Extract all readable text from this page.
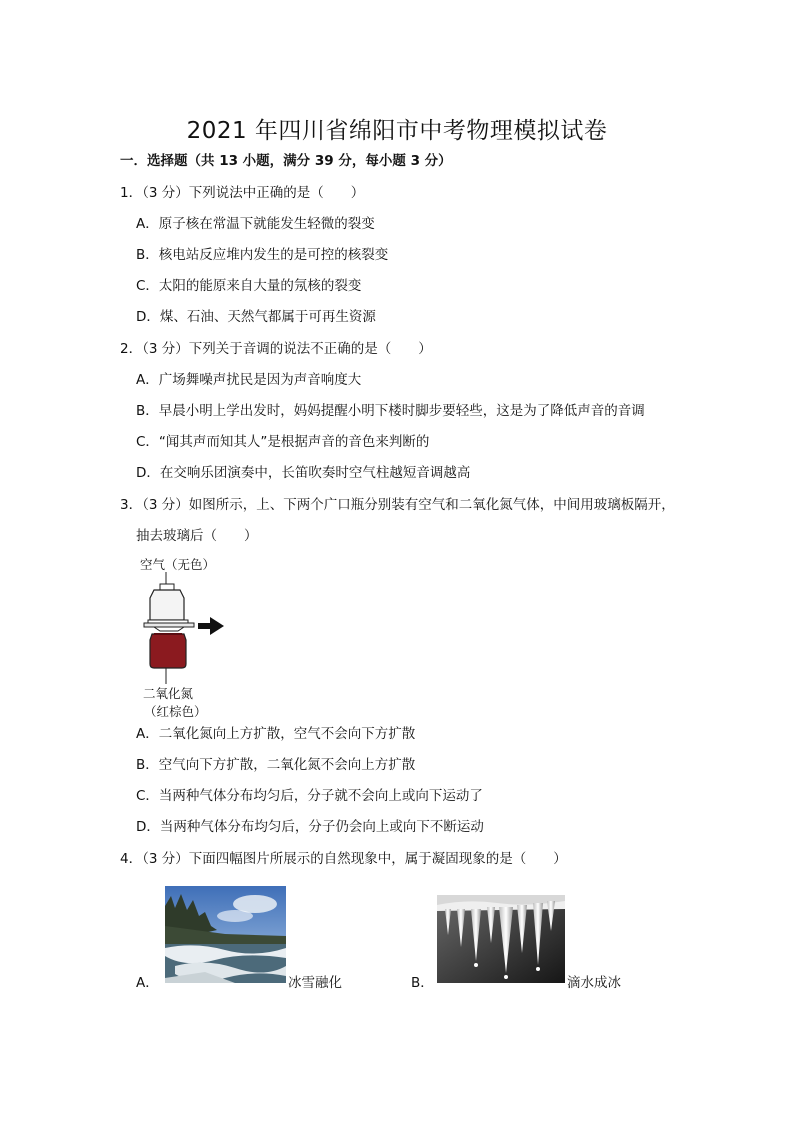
2021 年四川省绵阳市中考物理模拟试卷
一．选择题（共 13 小题，满分 39 分，每小题 3 分）
1．（3 分）下列说法中正确的是（　　）
A．原子核在常温下就能发生轻微的裂变
B．核电站反应堆内发生的是可控的核裂变
C．太阳的能原来自大量的氖核的裂变
D．煤、石油、天然气都属于可再生资源
2．（3 分）下列关于音调的说法不正确的是（　　）
A．广场舞噪声扰民是因为声音响度大
B．早晨小明上学出发时，妈妈提醒小明下楼时脚步要轻些，这是为了降低声音的音调
C．“闻其声而知其人”是根据声音的音色来判断的
D．在交响乐团演奏中，长笛吹奏时空气柱越短音调越高
3．（3 分）如图所示，上、下两个广口瓶分别装有空气和二氧化氮气体，中间用玻璃板隔开，
抽去玻璃后（　　）
空气（无色）
二氧化氮
（红棕色）
A．二氧化氮向上方扩散，空气不会向下方扩散
B．空气向下方扩散，二氧化氮不会向上方扩散
C．当两种气体分布均匀后，分子就不会向上或向下运动了
D．当两种气体分布均匀后，分子仍会向上或向下不断运动
4．（3 分）下面四幅图片所展示的自然现象中，属于凝固现象的是（　　）
A．	冰雪融化	B．	滴水成冰
